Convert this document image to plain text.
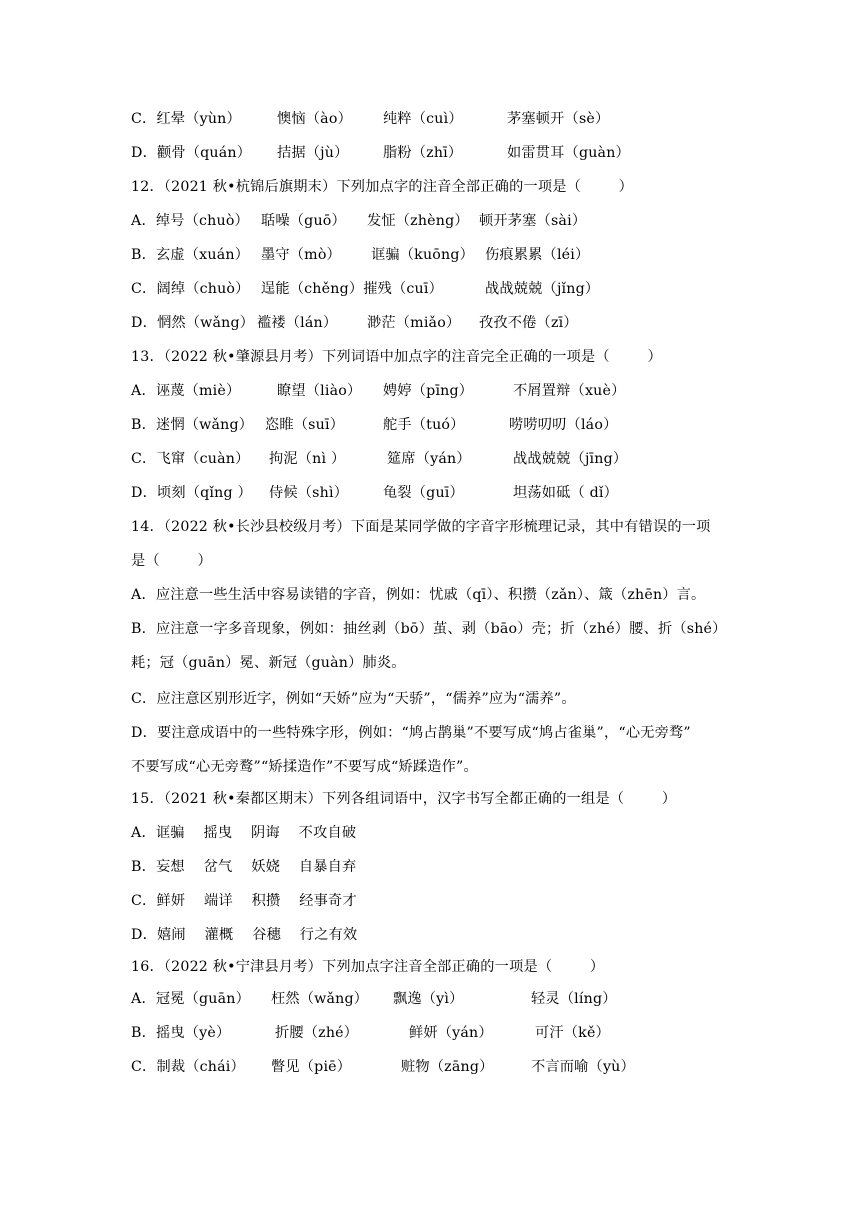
C．红晕（yùn）	懊恼（ào） 纯粹（cuì）	茅塞顿开（sè）
D．颧骨（quán） 拮据（jù） 脂粉（zhī）	如雷贯耳（guàn）
12．（2021 秋•杭锦后旗期末）下列加点字的注音全部正确的一项是（        ）
A．绰号（chuò） 聒噪（guō） 发怔（zhèng） 顿开茅塞（sài）
B．玄虚（xuán） 墨守（mò） 诓骗（kuōng） 伤痕累累（léi）
C．阔绰（chuò） 逞能（chěng）摧残（cuī）	战战兢兢（jǐng）
D．惘然（wǎng） 褴褛（lán） 渺茫（miǎo） 孜孜不倦（zī）
13．（2022 秋•肇源县月考）下列词语中加点字的注音完全正确的一项是（        ）
A．诬蔑（miè）	瞭望（liào） 娉婷（pīng）	不屑置辩（xuè）
B．迷惘（wǎng） 恣睢（suī）	舵手（tuó）	唠唠叨叨（láo）
C．飞窜（cuàn） 拘泥（nì ）	筵席（yán）	战战兢兢（jīng）
D．顷刻（qǐng ） 侍候（shì） 龟裂（guī）	坦荡如砥（ dǐ）
14．（2022 秋•长沙县校级月考）下面是某同学做的字音字形梳理记录，其中有错误的一项
是（        ）
A．应注意一些生活中容易读错的字音，例如：忧戚（qī）、积攒（zǎn）、箴（zhēn）言。
B．应注意一字多音现象，例如：抽丝剥（bō）茧、剥（bāo）壳；折（zhé）腰、折（shé）
耗；冠（guān）冕、新冠（guàn）肺炎。
C．应注意区别形近字，例如“天娇”应为“天骄”，“儒养”应为“濡养”。
D．要注意成语中的一些特殊字形，例如：“鸠占鹊巢”不要写成“鸠占雀巢”，“心无旁骛”
不要写成“心无旁鹜”“矫揉造作”不要写成“矫蹂造作”。
15．（2021 秋•秦都区期末）下列各组词语中，汉字书写全都正确的一组是（        ）
A．诓骗    摇曳    阴诲    不攻自破
B．妄想    岔气    妖娆    自暴自弃
C．鲜妍    端详    积攒    经事奇才
D．嬉闹    灌概    谷穗    行之有效
16．（2022 秋•宁津县月考）下列加点字注音全部正确的一项是（        ）
A．冠冕（guān） 枉然（wǎng） 飘逸（yì）	轻灵（líng）
B．摇曳（yè）	折腰（zhé）	鲜妍（yán）	可汗（kě）
C．制裁（chái） 瞥见（piē）	赃物（zāng）	不言而喻（yù）
